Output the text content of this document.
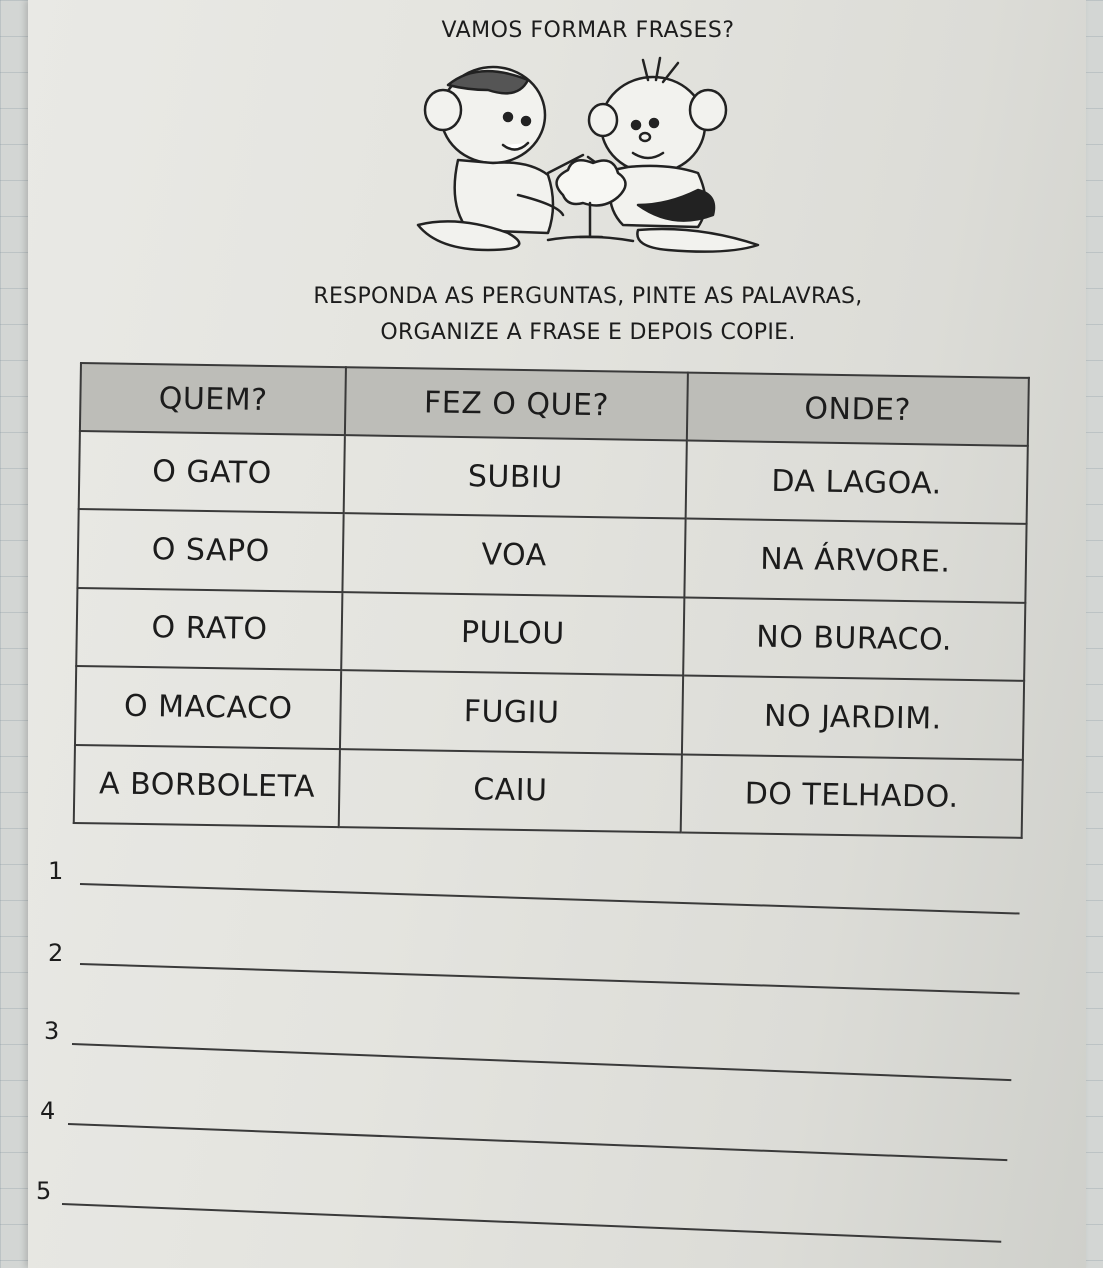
VAMOS FORMAR FRASES?
RESPONDA AS PERGUNTAS, PINTE AS PALAVRAS,
ORGANIZE A FRASE E DEPOIS COPIE.
QUEM?	FEZ O QUE?	ONDE?
O GATO	SUBIU	DA LAGOA.
O SAPO	VOA	NA ÁRVORE.
O RATO	PULOU	NO BURACO.
O MACACO	FUGIU	NO JARDIM.
A BORBOLETA	CAIU	DO TELHADO.
1
2
3
4
5
